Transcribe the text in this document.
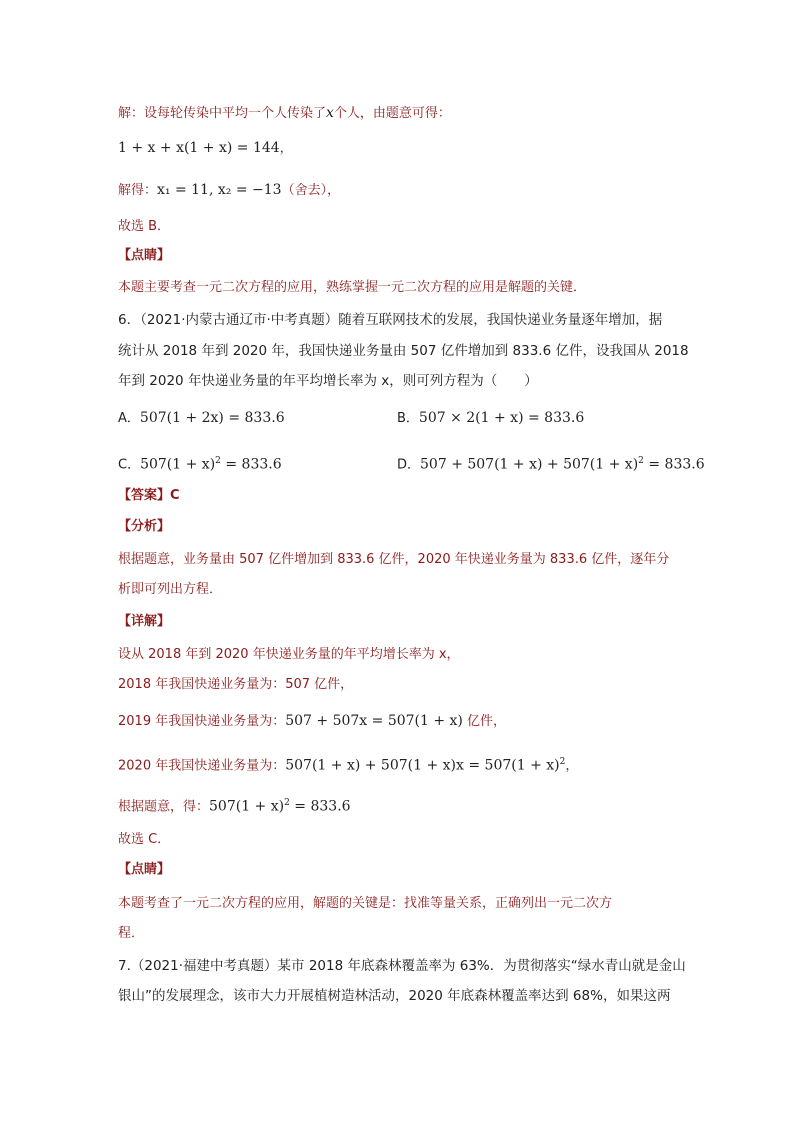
解：设每轮传染中平均一个人传染了x个人，由题意可得：
1 + x + x(1 + x) = 144，
解得：x₁ = 11, x₂ = −13（舍去），
故选 B．
【点睛】
本题主要考查一元二次方程的应用，熟练掌握一元二次方程的应用是解题的关键．
6．（2021·内蒙古通辽市·中考真题）随着互联网技术的发展，我国快递业务量逐年增加，据
统计从 2018 年到 2020 年，我国快递业务量由 507 亿件增加到 833.6 亿件，设我国从 2018
年到 2020 年快递业务量的年平均增长率为 x，则可列方程为（　　）
A．507(1 + 2x) = 833.6	B．507 × 2(1 + x) = 833.6
C．$507(1 + x)^2 = 833.6$	D．$507 + 507(1 + x) + 507(1 + x)^2 = 833.6$
【答案】C
【分析】
根据题意，业务量由 507 亿件增加到 833.6 亿件，2020 年快递业务量为 833.6 亿件，逐年分
析即可列出方程．
【详解】
设从 2018 年到 2020 年快递业务量的年平均增长率为 x，
2018 年我国快递业务量为：507 亿件，
2019 年我国快递业务量为：507 + 507x = 507(1 + x) 亿件，
2020 年我国快递业务量为：$507(1 + x) + 507(1 + x)x = 507(1 + x)^2$，
根据题意，得：$507(1 + x)^2 = 833.6$
故选 C．
【点睛】
本题考查了一元二次方程的应用，解题的关键是：找准等量关系，正确列出一元二次方
程．
7.（2021·福建中考真题）某市 2018 年底森林覆盖率为 63%．为贯彻落实“绿水青山就是金山
银山”的发展理念，该市大力开展植树造林活动，2020 年底森林覆盖率达到 68%，如果这两
